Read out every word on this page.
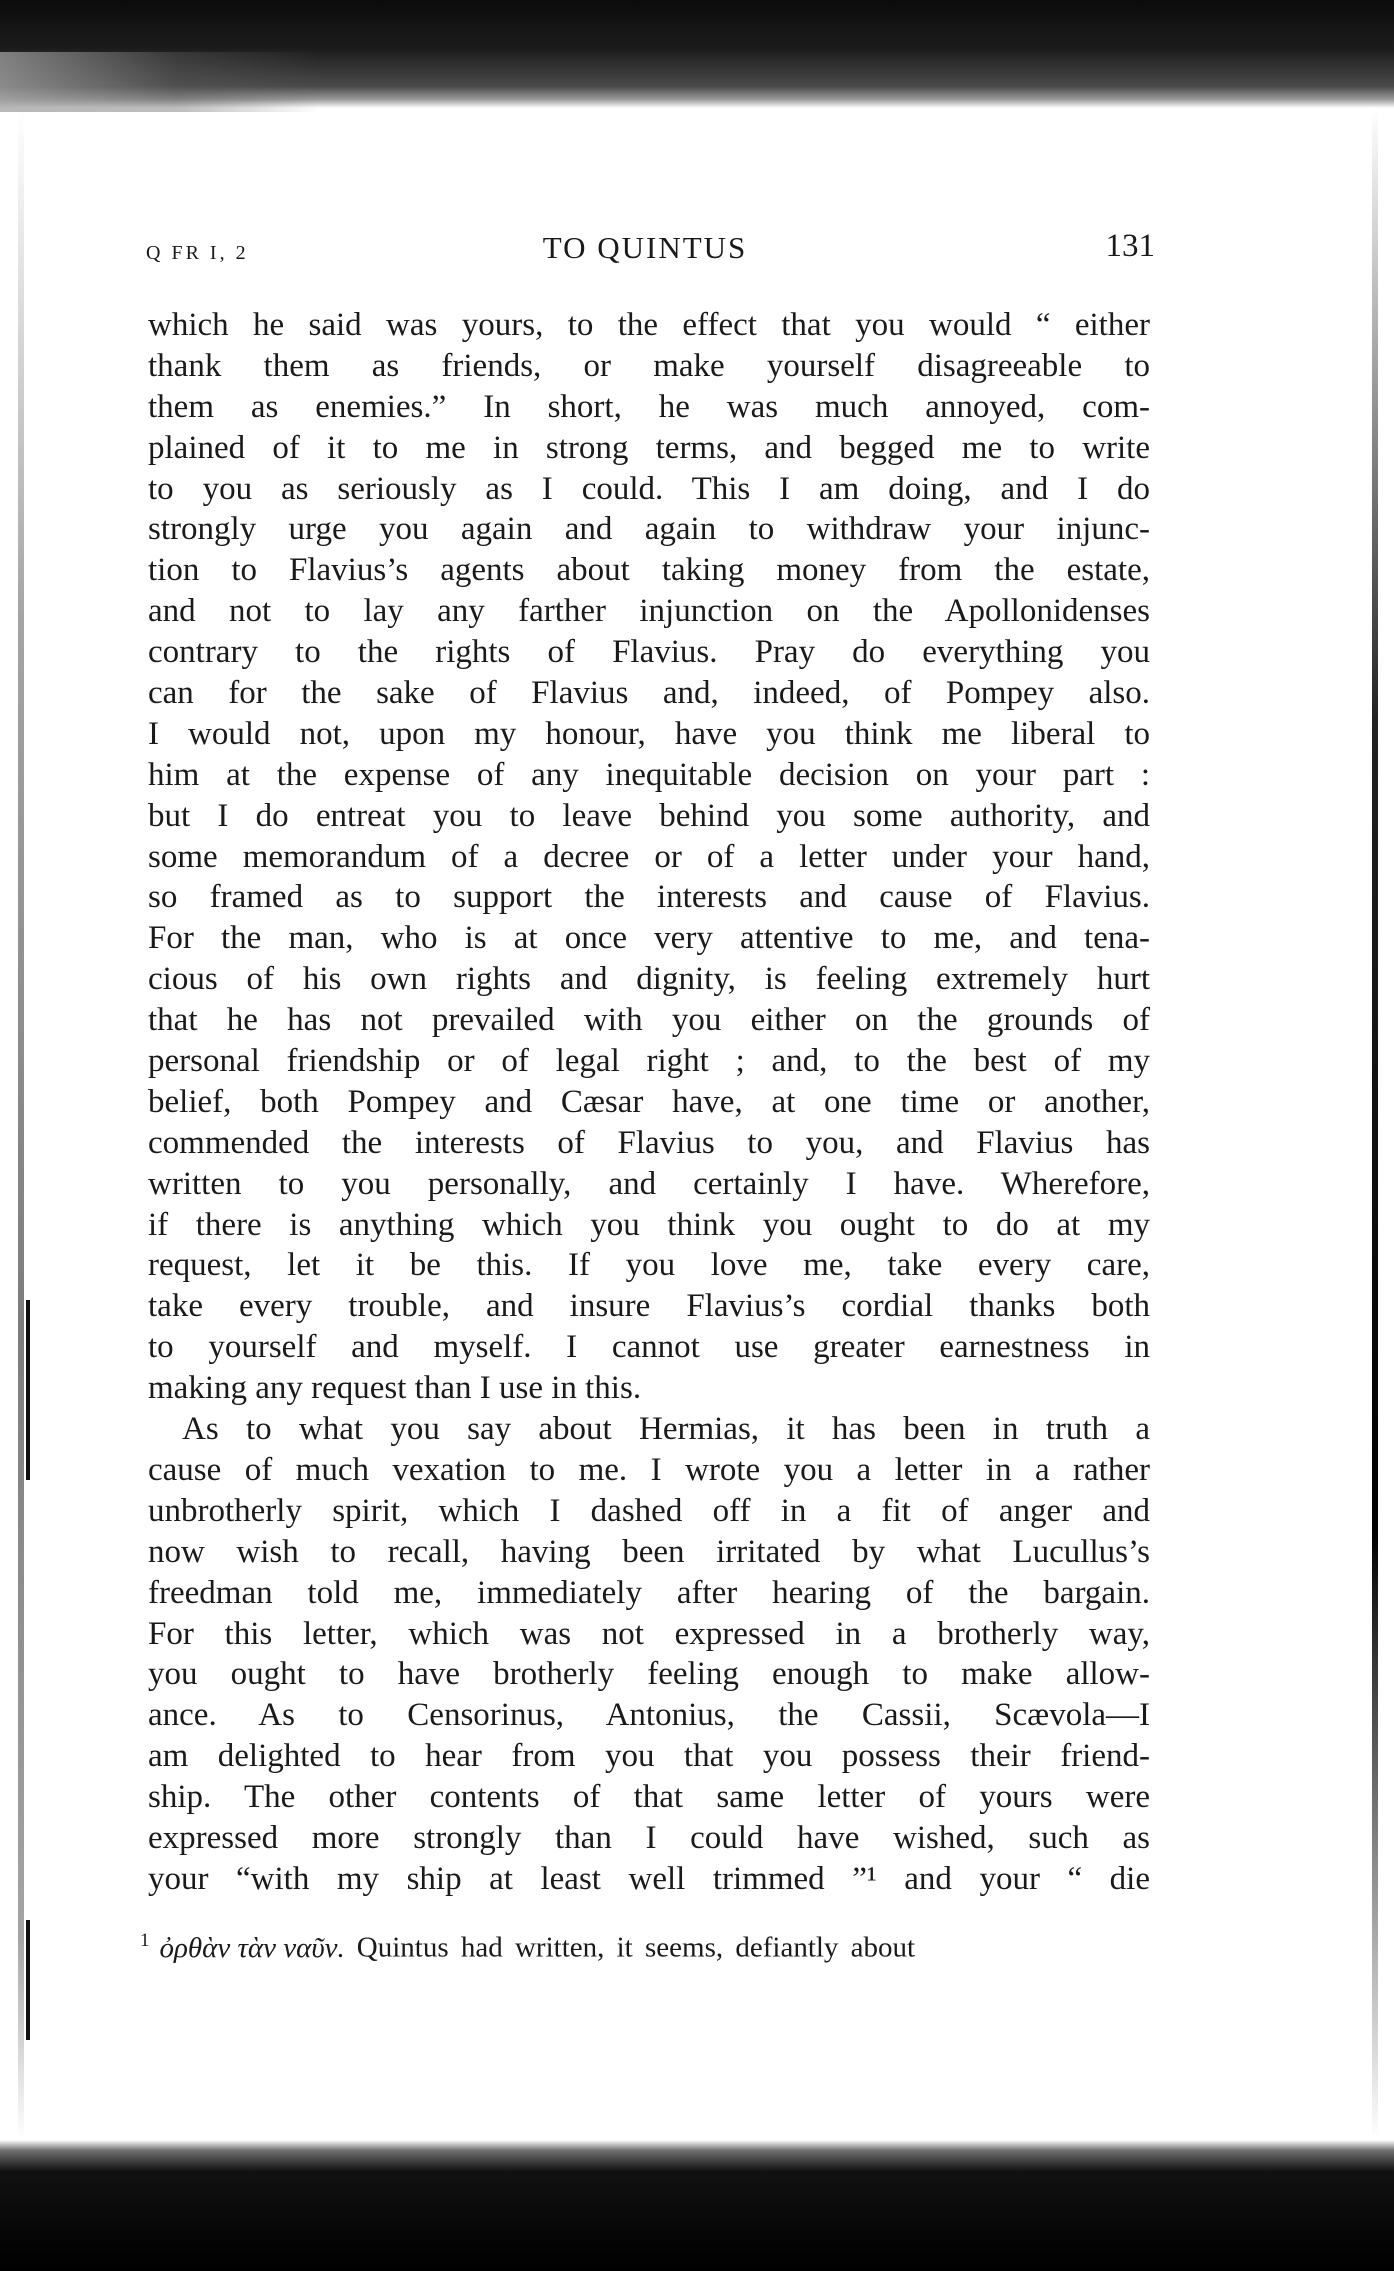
Q FR I, 2	TO QUINTUS	131
which he said was yours, to the effect that you would “ either
thank them as friends, or make yourself disagreeable to
them as enemies.” In short, he was much annoyed, com-
plained of it to me in strong terms, and begged me to write
to you as seriously as I could. This I am doing, and I do
strongly urge you again and again to withdraw your injunc-
tion to Flavius’s agents about taking money from the estate,
and not to lay any farther injunction on the Apollonidenses
contrary to the rights of Flavius. Pray do everything you
can for the sake of Flavius and, indeed, of Pompey also.
I would not, upon my honour, have you think me liberal to
him at the expense of any inequitable decision on your part :
but I do entreat you to leave behind you some authority, and
some memorandum of a decree or of a letter under your hand,
so framed as to support the interests and cause of Flavius.
For the man, who is at once very attentive to me, and tena-
cious of his own rights and dignity, is feeling extremely hurt
that he has not prevailed with you either on the grounds of
personal friendship or of legal right ; and, to the best of my
belief, both Pompey and Cæsar have, at one time or another,
commended the interests of Flavius to you, and Flavius has
written to you personally, and certainly I have. Wherefore,
if there is anything which you think you ought to do at my
request, let it be this. If you love me, take every care,
take every trouble, and insure Flavius’s cordial thanks both
to yourself and myself. I cannot use greater earnestness in
making any request than I use in this.
As to what you say about Hermias, it has been in truth a
cause of much vexation to me. I wrote you a letter in a rather
unbrotherly spirit, which I dashed off in a fit of anger and
now wish to recall, having been irritated by what Lucullus’s
freedman told me, immediately after hearing of the bargain.
For this letter, which was not expressed in a brotherly way,
you ought to have brotherly feeling enough to make allow-
ance. As to Censorinus, Antonius, the Cassii, Scævola—I
am delighted to hear from you that you possess their friend-
ship. The other contents of that same letter of yours were
expressed more strongly than I could have wished, such as
your “with my ship at least well trimmed ”¹ and your “ die
$^1$ ὀρθὰν τὰν ναῦν. Quintus had written, it seems, defiantly about
